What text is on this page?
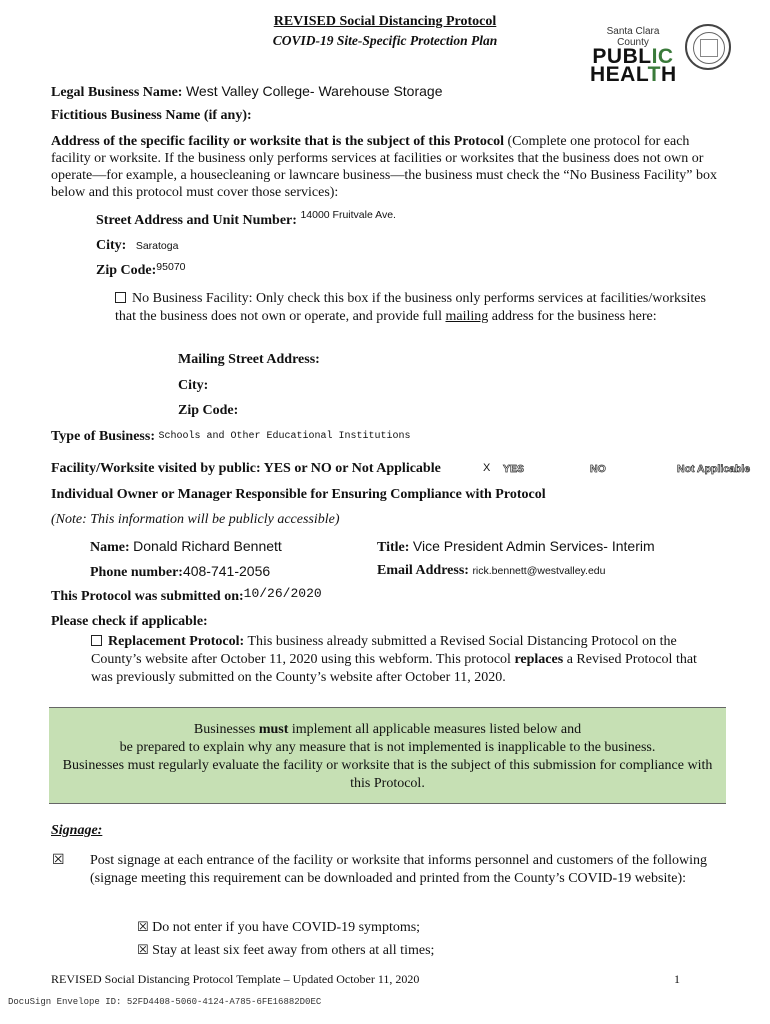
REVISED Social Distancing Protocol
COVID-19 Site-Specific Protection Plan
Santa Clara County
PUBLIC
HEALTH
Legal Business Name: West Valley College- Warehouse Storage
Fictitious Business Name (if any):
Address of the specific facility or worksite that is the subject of this Protocol (Complete one protocol for each facility or worksite. If the business only performs services at facilities or worksites that the business does not own or operate—for example, a housecleaning or lawncare business—the business must check the “No Business Facility” box below and this protocol must cover those services):
Street Address and Unit Number: $^{14000 Fruitvale Ave.}$
City: Saratoga
Zip Code:$^{95070}$
No Business Facility: Only check this box if the business only performs services at facilities/worksites that the business does not own or operate, and provide full mailing address for the business here:
Mailing Street Address:
City:
Zip Code:
Type of Business: Schools and Other Educational Institutions
Facility/Worksite visited by public: YES or NO or Not Applicable	X YES	NO	Not Applicable
Individual Owner or Manager Responsible for Ensuring Compliance with Protocol
(Note: This information will be publicly accessible)
Name: Donald Richard Bennett	Title: Vice President Admin Services- Interim
Phone number:408-741-2056	Email Address: rick.bennett@westvalley.edu
This Protocol was submitted on:10/26/2020
Please check if applicable:
Replacement Protocol: This business already submitted a Revised Social Distancing Protocol on the County’s website after October 11, 2020 using this webform. This protocol replaces a Revised Protocol that was previously submitted on the County’s website after October 11, 2020.
Businesses must implement all applicable measures listed below and
be prepared to explain why any measure that is not implemented is inapplicable to the business.
Businesses must regularly evaluate the facility or worksite that is the subject of this submission for compliance with this Protocol.
Signage:
☒ Post signage at each entrance of the facility or worksite that informs personnel and customers of the following (signage meeting this requirement can be downloaded and printed from the County’s COVID-19 website):
☒ Do not enter if you have COVID-19 symptoms;
☒ Stay at least six feet away from others at all times;
REVISED Social Distancing Protocol Template – Updated October 11, 2020	1
DocuSign Envelope ID: 52FD4408-5060-4124-A785-6FE16882D0EC
